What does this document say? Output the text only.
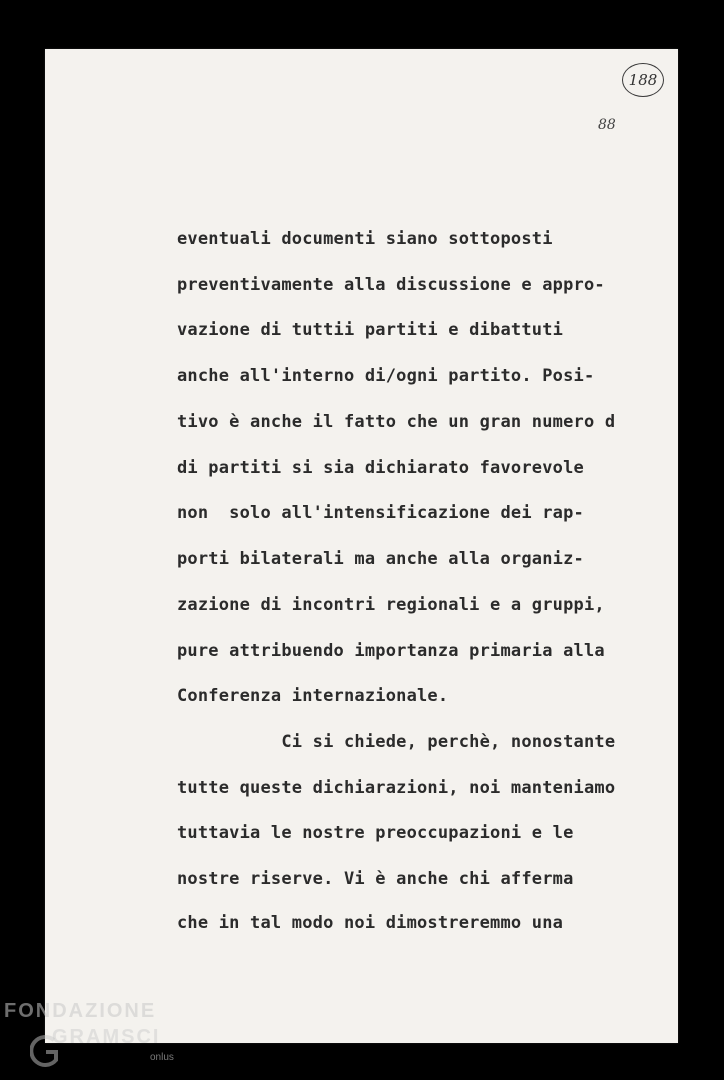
188
88

eventuali documenti siano sottoposti

preventivamente alla discussione e appro-

vazione di tuttii partiti e dibattuti

anche all'interno di/ogni partito. Posi-

tivo è anche il fatto che un gran numero d

di partiti si sia dichiarato favorevole

non  solo all'intensificazione dei rap-

porti bilaterali ma anche alla organiz-

zazione di incontri regionali e a gruppi,

pure attribuendo importanza primaria alla

Conferenza internazionale.

Ci si chiede, perchè, nonostante

tutte queste dichiarazioni, noi manteniamo

tuttavia le nostre preoccupazioni e le

nostre riserve. Vi è anche chi afferma

che in tal modo noi dimostreremmo una

FONDAZIONE
GRAMSCI
onlus
